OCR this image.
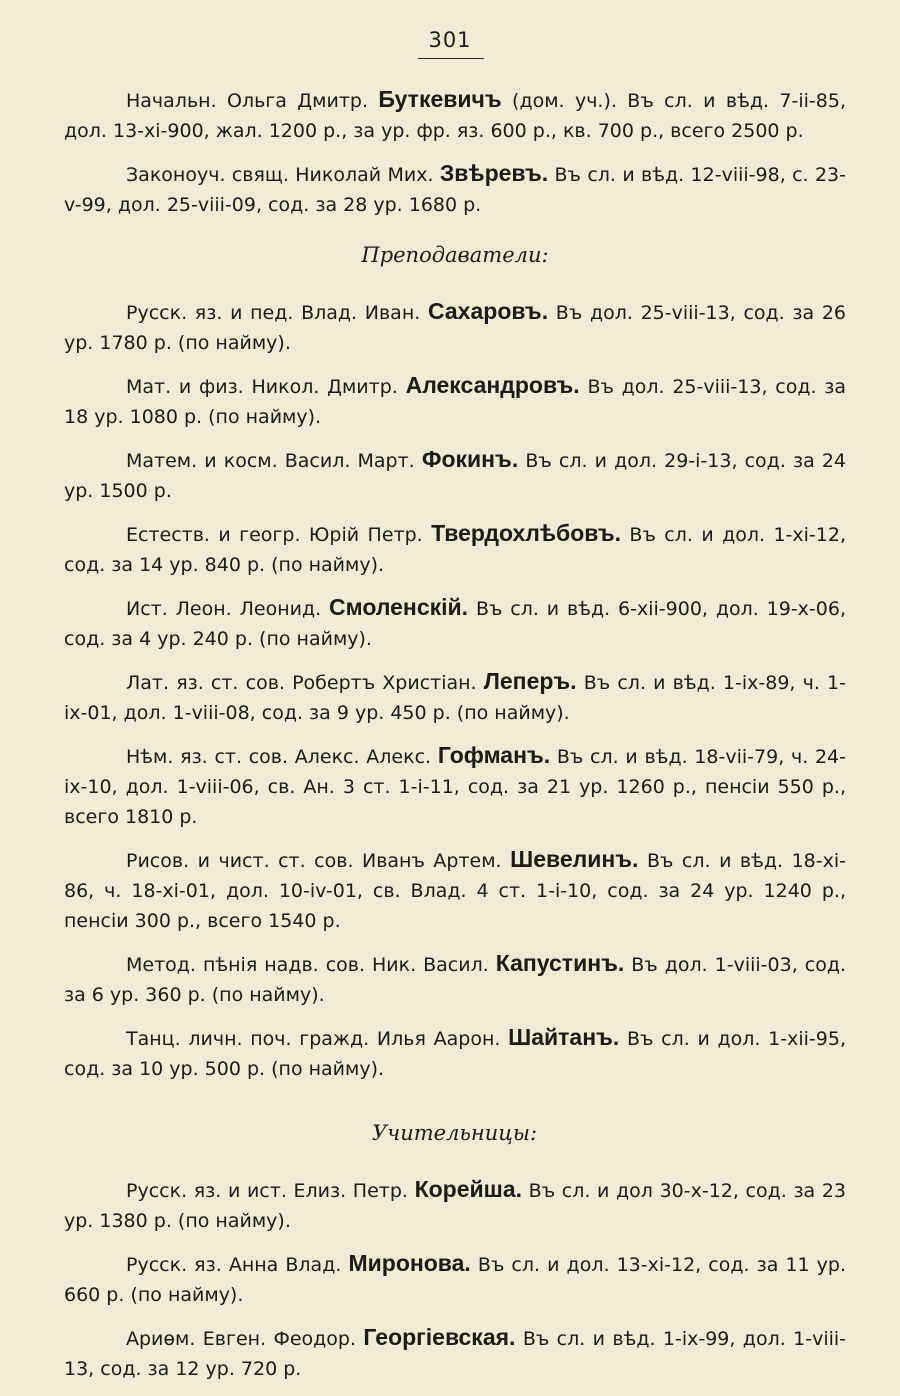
301

Начальн. Ольга Дмитр. Буткевичъ (дом. уч.). Въ сл. и вѣд. 7-ii-85, дол. 13-xi-900, жал. 1200 р., за ур. фр. яз. 600 р., кв. 700 р., всего 2500 р.

Законоуч. свящ. Николай Мих. Звѣревъ. Въ сл. и вѣд. 12-viii-98, с. 23-v-99, дол. 25-viii-09, сод. за 28 ур. 1680 р.

Преподаватели:

Русск. яз. и пед. Влад. Иван. Сахаровъ. Въ дол. 25-viii-13, сод. за 26 ур. 1780 р. (по найму).

Мат. и физ. Никол. Дмитр. Александровъ. Въ дол. 25-viii-13, сод. за 18 ур. 1080 р. (по найму).

Матем. и косм. Васил. Март. Фокинъ. Въ сл. и дол. 29-i-13, сод. за 24 ур. 1500 р.

Естеств. и геогр. Юрій Петр. Твердохлѣбовъ. Въ сл. и дол. 1-xi-12, сод. за 14 ур. 840 р. (по найму).

Ист. Леон. Леонид. Смоленскій. Въ сл. и вѣд. 6-xii-900, дол. 19-x-06, сод. за 4 ур. 240 р. (по найму).

Лат. яз. ст. сов. Робертъ Христіан. Леперъ. Въ сл. и вѣд. 1-ix-89, ч. 1-ix-01, дол. 1-viii-08, сод. за 9 ур. 450 р. (по найму).

Нѣм. яз. ст. сов. Алекс. Алекс. Гофманъ. Въ сл. и вѣд. 18-vii-79, ч. 24-ix-10, дол. 1-viii-06, св. Ан. 3 ст. 1-i-11, сод. за 21 ур. 1260 р., пенсіи 550 р., всего 1810 р.

Рисов. и чист. ст. сов. Иванъ Артем. Шевелинъ. Въ сл. и вѣд. 18-xi-86, ч. 18-xi-01, дол. 10-iv-01, св. Влад. 4 ст. 1-i-10, сод. за 24 ур. 1240 р., пенсіи 300 р., всего 1540 р.

Метод. пѣнія надв. сов. Ник. Васил. Капустинъ. Въ дол. 1-viii-03, сод. за 6 ур. 360 р. (по найму).

Танц. личн. поч. гражд. Илья Аарон. Шайтанъ. Въ сл. и дол. 1-xii-95, сод. за 10 ур. 500 р. (по найму).

Учительницы:

Русск. яз. и ист. Елиз. Петр. Корейша. Въ сл. и дол 30-x-12, сод. за 23 ур. 1380 р. (по найму).

Русск. яз. Анна Влад. Миронова. Въ сл. и дол. 13-xi-12, сод. за 11 ур. 660 р. (по найму).

Ариѳм. Евген. Феодор. Георгіевская. Въ сл. и вѣд. 1-ix-99, дол. 1-viii-13, сод. за 12 ур. 720 р.
